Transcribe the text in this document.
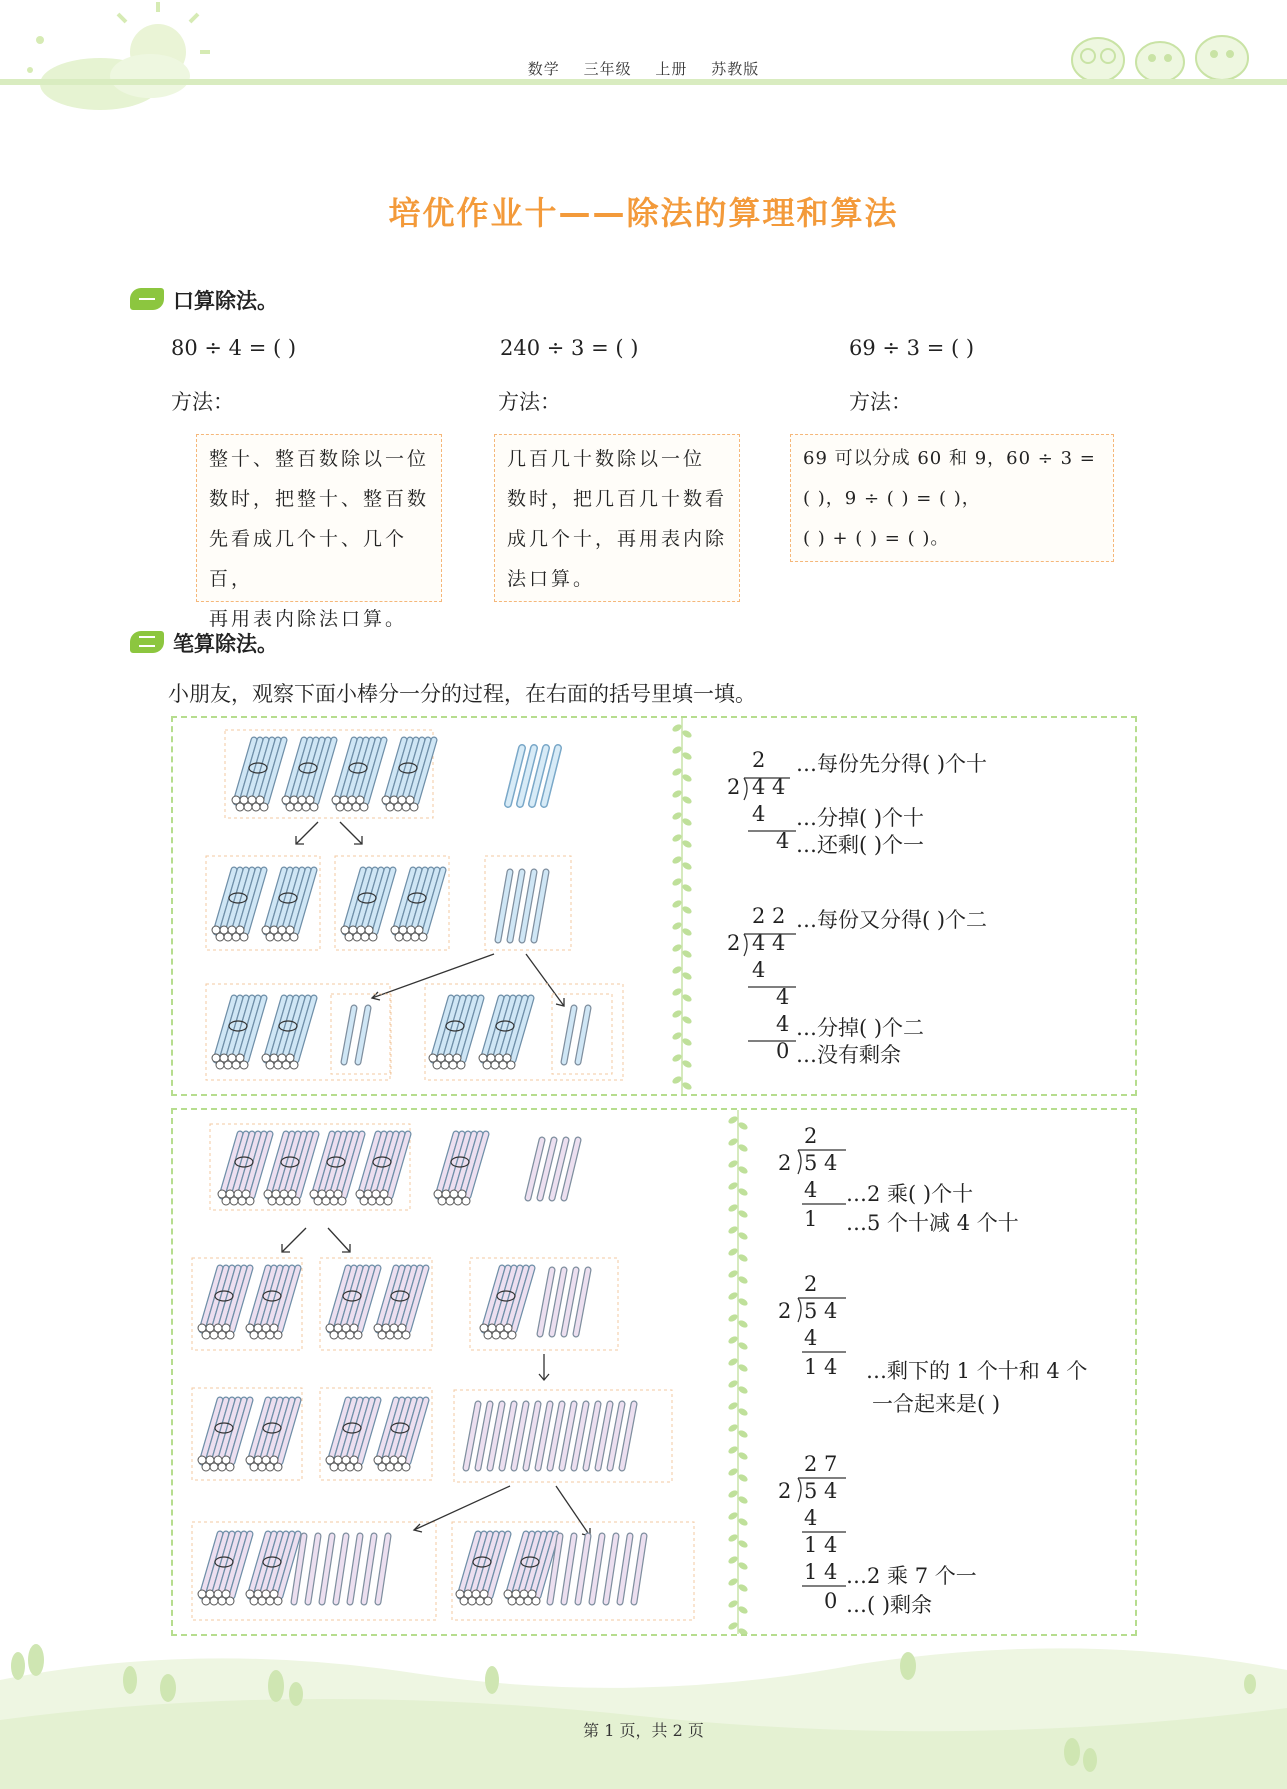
数学 三年级 上册 苏教版
培优作业十——除法的算理和算法
口算除法。
80 ÷ 4 = ( )	240 ÷ 3 = ( )	69 ÷ 3 = ( )
方法：	方法：	方法：
整十、整百数除以一位
数时，把整十、整百数
先看成几个十、几个百，
再用表内除法口算。
几百几十数除以一位
数时，把几百几十数看
成几个十，再用表内除
法口算。
69 可以分成 60 和 9，60 ÷ 3 =
( )，9 ÷ ( ) = ( )，
( ) + ( ) = ( )。
笔算除法。
小朋友，观察下面小棒分一分的过程，在右面的括号里填一填。
2 …每份先分得( )个十
2 4 4
4 …分掉( )个十
4 …还剩( )个一
2 2 …每份又分得( )个二
2 4 4
4
4
4 …分掉( )个二
0 …没有剩余
2
2 5 4
4 …2 乘( )个十
1 …5 个十减 4 个十
2
2 5 4
4
1 4 …剩下的 1 个十和 4 个
一合起来是( )
2 7
2 5 4
4
1 4
1 4 …2 乘 7 个一
0 …( )剩余
第 1 页，共 2 页
